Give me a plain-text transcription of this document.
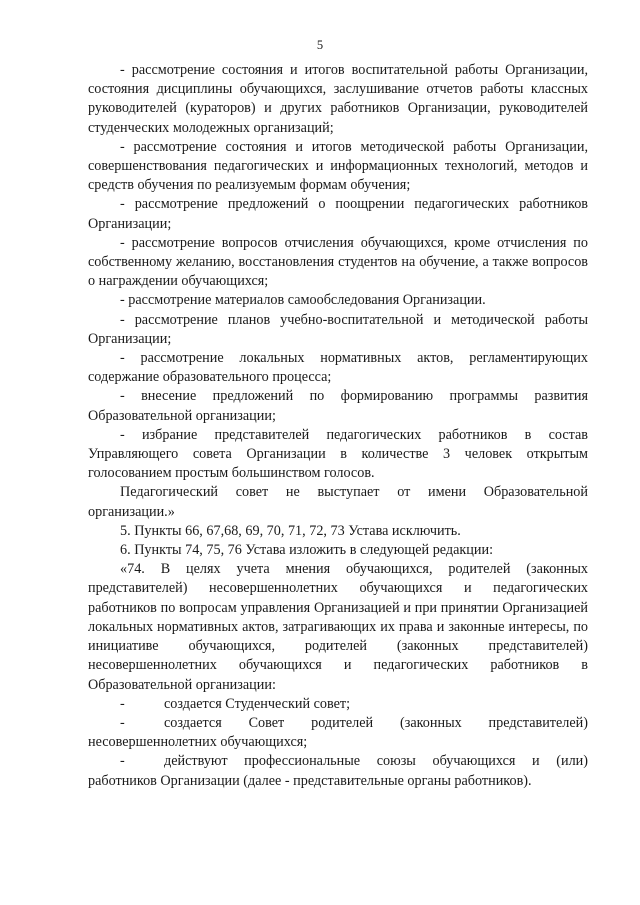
5

- рассмотрение состояния и итогов воспитательной работы Организации, состояния дисциплины обучающихся, заслушивание отчетов работы классных руководителей (кураторов) и других работников Организации, руководителей студенческих молодежных организаций;

- рассмотрение состояния и итогов методической работы Организации, совершенствования педагогических и информационных технологий, методов и средств обучения по реализуемым формам обучения;

- рассмотрение предложений о поощрении педагогических работников Организации;

- рассмотрение вопросов отчисления обучающихся, кроме отчисления по собственному желанию, восстановления студентов на обучение, а также вопросов о награждении обучающихся;

- рассмотрение материалов самообследования Организации.

- рассмотрение планов учебно-воспитательной и методической работы Организации;

- рассмотрение локальных нормативных актов, регламентирующих содержание образовательного процесса;

- внесение предложений по формированию программы развития Образовательной организации;

- избрание представителей педагогических работников в состав Управляющего совета Организации в количестве 3 человек открытым голосованием простым большинством голосов.

Педагогический совет не выступает от имени Образовательной организации.»

5. Пункты 66, 67,68, 69, 70, 71, 72, 73 Устава исключить.

6. Пункты 74, 75, 76 Устава изложить в следующей редакции:

«74. В целях учета мнения обучающихся, родителей (законных представителей) несовершеннолетних обучающихся и педагогических работников по вопросам управления Организацией и при принятии Организацией локальных нормативных актов, затрагивающих их права и законные интересы, по инициативе обучающихся, родителей (законных представителей) несовершеннолетних обучающихся и педагогических работников в Образовательной организации:

-	создается Студенческий совет;

-	создается Совет родителей (законных представителей) несовершеннолетних обучающихся;

-	действуют профессиональные союзы обучающихся и (или) работников Организации (далее - представительные органы работников).
